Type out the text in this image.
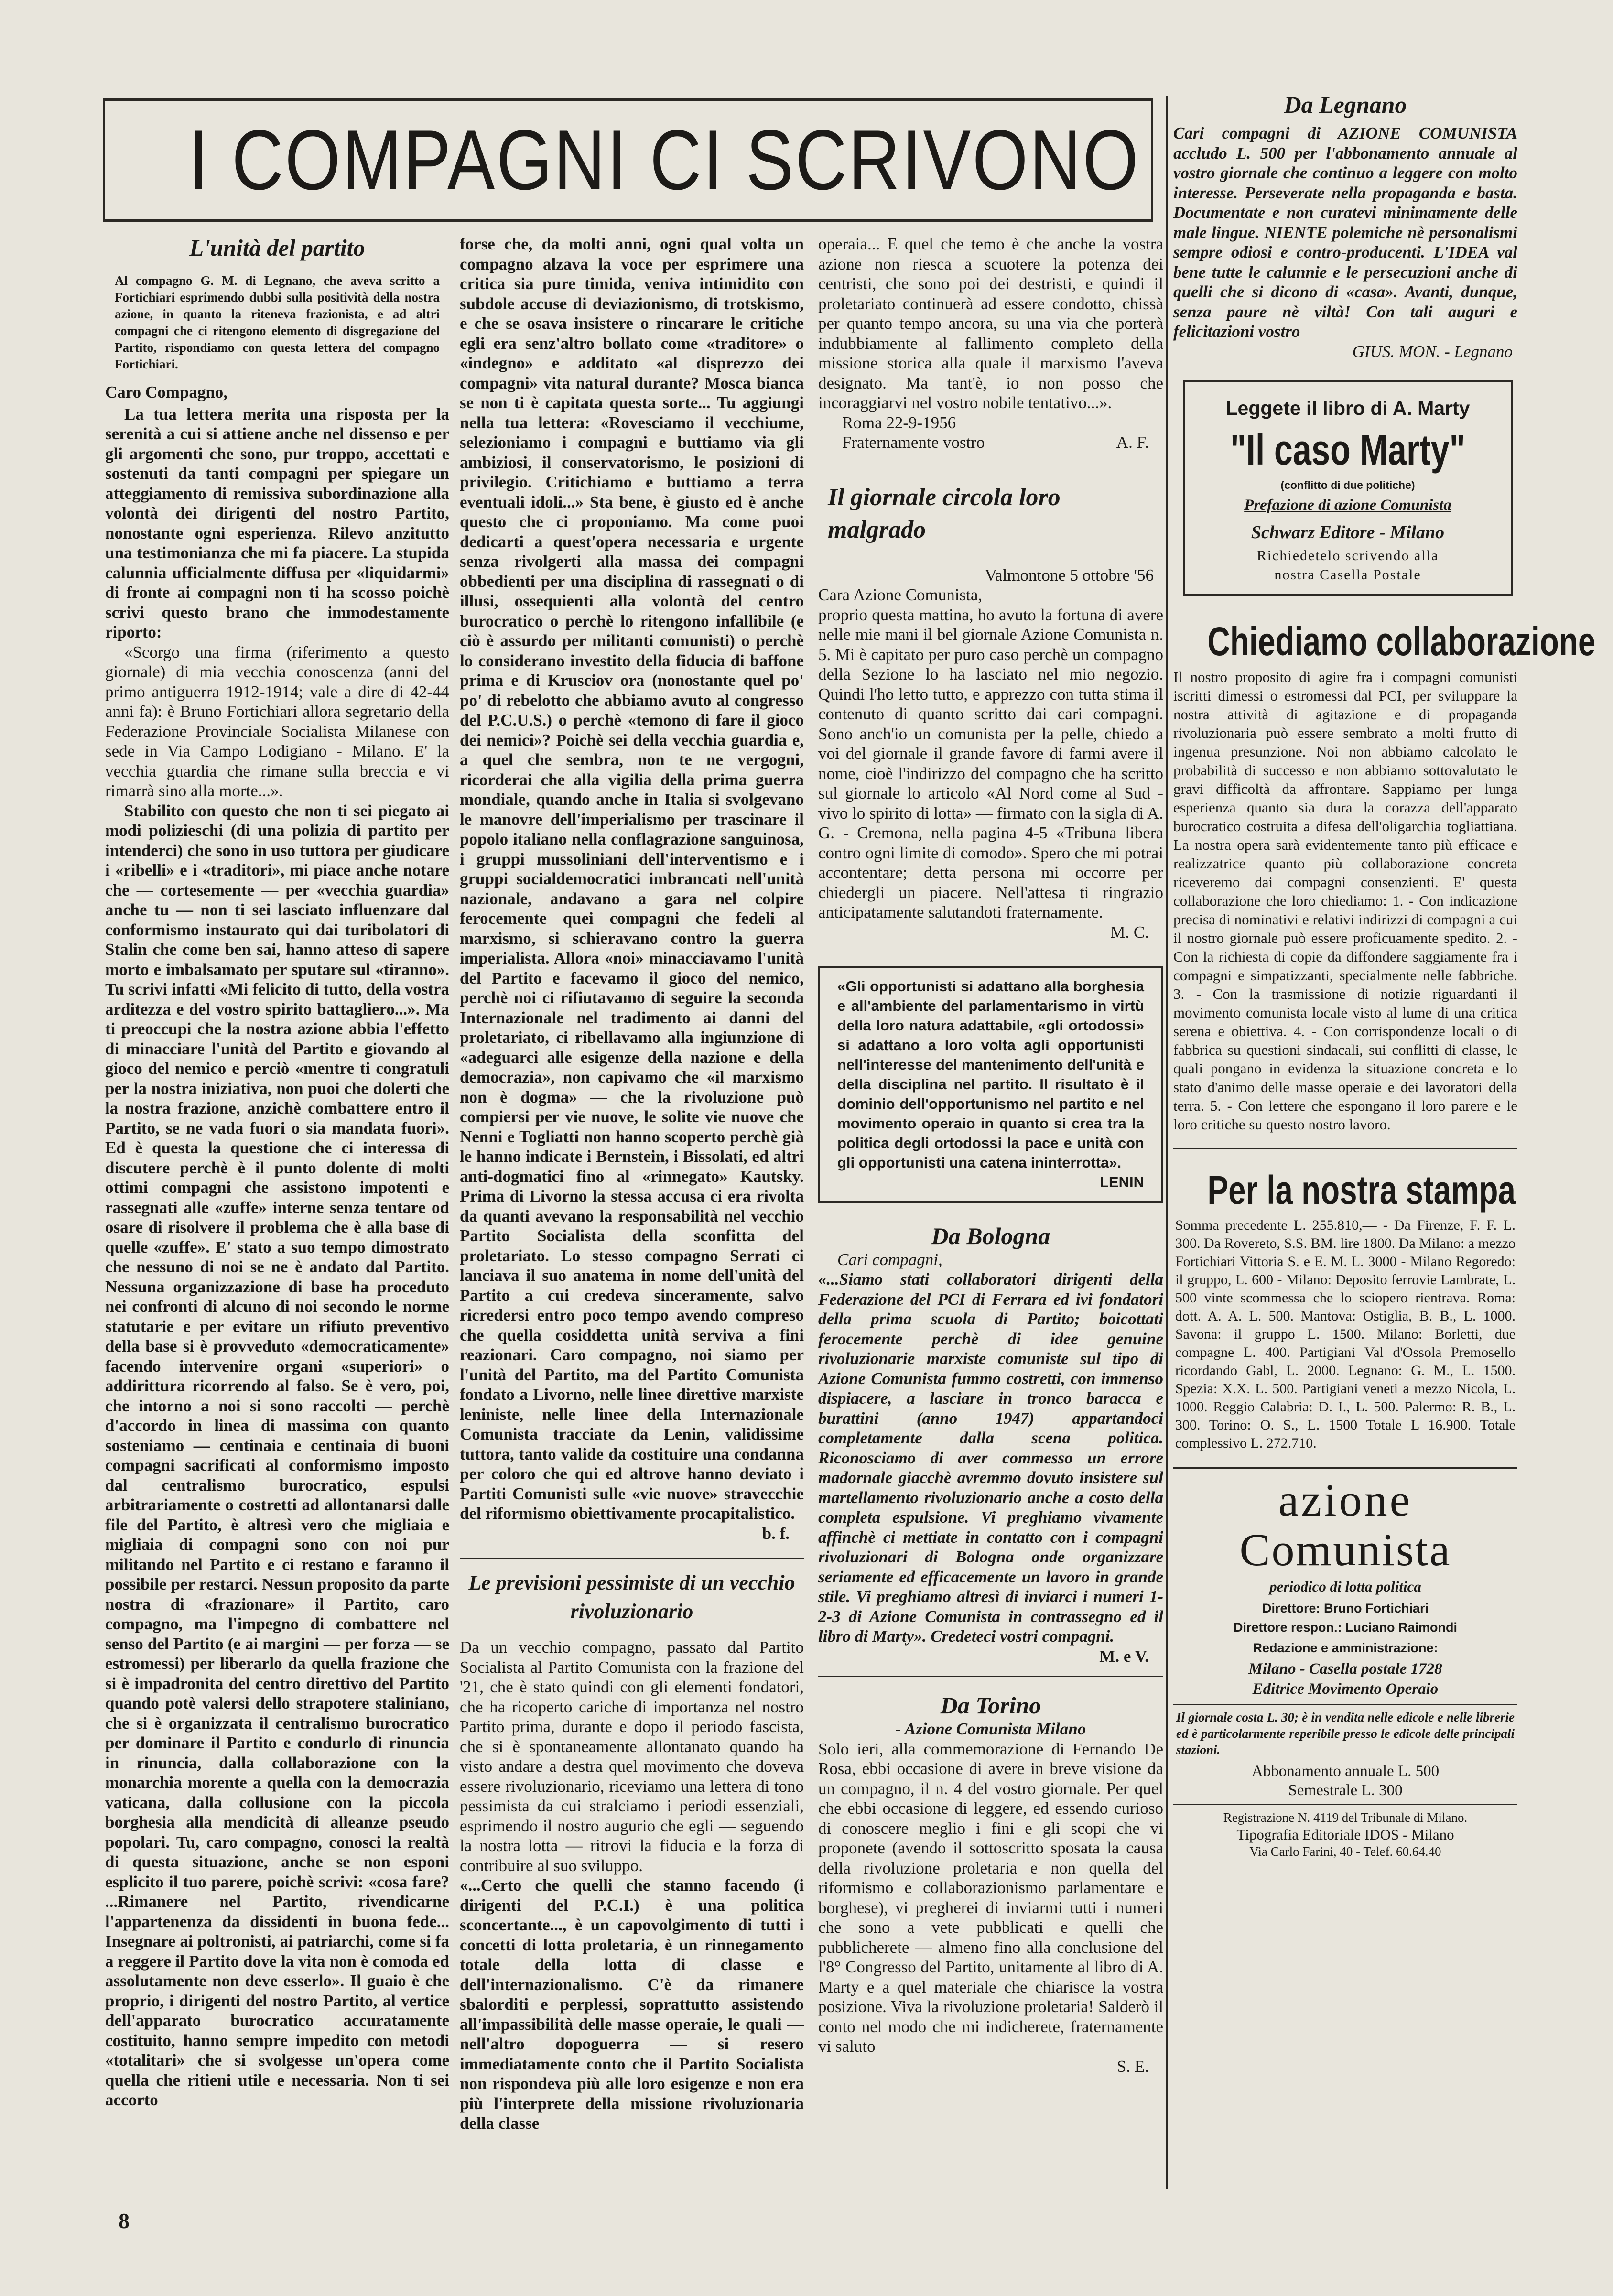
I COMPAGNI CI SCRIVONO
L'unità del partito
Al compagno G. M. di Legnano, che aveva scritto a Fortichiari esprimendo dubbi sulla positività della nostra azione, in quanto la riteneva frazionista, e ad altri compagni che ci ritengono elemento di disgregazione del Partito, rispondiamo con questa lettera del compagno Fortichiari.
Caro Compagno,

La tua lettera merita una risposta per la serenità a cui si attiene anche nel dissenso e per gli argomenti che sono, pur troppo, accettati e sostenuti da tanti compagni per spiegare un atteggiamento di remissiva subordinazione alla volontà dei dirigenti del nostro Partito, nonostante ogni esperienza. Rilevo anzitutto una testimonianza che mi fa piacere. La stupida calunnia ufficialmente diffusa per «liquidarmi» di fronte ai compagni non ti ha scosso poichè scrivi questo brano che immodestamente riporto:

«Scorgo una firma (riferimento a questo giornale) di mia vecchia conoscenza (anni del primo antiguerra 1912-1914; vale a dire di 42-44 anni fa): è Bruno Fortichiari allora segretario della Federazione Provinciale Socialista Milanese con sede in Via Campo Lodigiano - Milano. E' la vecchia guardia che rimane sulla breccia e vi rimarrà sino alla morte...».

Stabilito con questo che non ti sei piegato ai modi polizieschi (di una polizia di partito per intenderci) che sono in uso tuttora per giudicare i «ribelli» e i «traditori», mi piace anche notare che — cortesemente — per «vecchia guardia» anche tu — non ti sei lasciato influenzare dal conformismo instaurato qui dai turibolatori di Stalin che come ben sai, hanno atteso di sapere morto e imbalsamato per sputare sul «tiranno». Tu scrivi infatti «Mi felicito di tutto, della vostra arditezza e del vostro spirito battagliero...». Ma ti preoccupi che la nostra azione abbia l'effetto di minacciare l'unità del Partito e giovando al gioco del nemico e perciò «mentre ti congratuli per la nostra iniziativa, non puoi che dolerti che la nostra frazione, anzichè combattere entro il Partito, se ne vada fuori o sia mandata fuori». Ed è questa la questione che ci interessa di discutere perchè è il punto dolente di molti ottimi compagni che assistono impotenti e rassegnati alle «zuffe» interne senza tentare od osare di risolvere il problema che è alla base di quelle «zuffe». E' stato a suo tempo dimostrato che nessuno di noi se ne è andato dal Partito. Nessuna organizzazione di base ha proceduto nei confronti di alcuno di noi secondo le norme statutarie e per evitare un rifiuto preventivo della base si è provveduto «democraticamente» facendo intervenire organi «superiori» o addirittura ricorrendo al falso. Se è vero, poi, che intorno a noi si sono raccolti — perchè d'accordo in linea di massima con quanto sosteniamo — centinaia e centinaia di buoni compagni sacrificati al conformismo imposto dal centralismo burocratico, espulsi arbitrariamente o costretti ad allontanarsi dalle file del Partito, è altresì vero che migliaia e migliaia di compagni sono con noi pur militando nel Partito e ci restano e faranno il possibile per restarci. Nessun proposito da parte nostra di «frazionare» il Partito, caro compagno, ma l'impegno di combattere nel senso del Partito (e ai margini — per forza — se estromessi) per liberarlo da quella frazione che si è impadronita del centro direttivo del Partito quando potè valersi dello strapotere staliniano, che si è organizzata il centralismo burocratico per dominare il Partito e condurlo di rinuncia in rinuncia, dalla collaborazione con la monarchia morente a quella con la democrazia vaticana, dalla collusione con la piccola borghesia alla mendicità di alleanze pseudo popolari. Tu, caro compagno, conosci la realtà di questa situazione, anche se non esponi esplicito il tuo parere, poichè scrivi: «cosa fare? ...Rimanere nel Partito, rivendicarne l'appartenenza da dissidenti in buona fede... Insegnare ai poltronisti, ai patriarchi, come si fa a reggere il Partito dove la vita non è comoda ed assolutamente non deve esserlo». Il guaio è che proprio, i dirigenti del nostro Partito, al vertice dell'apparato burocratico accuratamente costituito, hanno sempre impedito con metodi «totalitari» che si svolgesse un'opera come quella che ritieni utile e necessaria. Non ti sei accorto

forse che, da molti anni, ogni qual volta un compagno alzava la voce per esprimere una critica sia pure timida, veniva intimidito con subdole accuse di deviazionismo, di trotskismo, e che se osava insistere o rincarare le critiche egli era senz'altro bollato come «traditore» o «indegno» e additato «al disprezzo dei compagni» vita natural durante? Mosca bianca se non ti è capitata questa sorte... Tu aggiungi nella tua lettera: «Rovesciamo il vecchiume, selezioniamo i compagni e buttiamo via gli ambiziosi, il conservatorismo, le posizioni di privilegio. Critichiamo e buttiamo a terra eventuali idoli...» Sta bene, è giusto ed è anche questo che ci proponiamo. Ma come puoi dedicarti a quest'opera necessaria e urgente senza rivolgerti alla massa dei compagni obbedienti per una disciplina di rassegnati o di illusi, ossequienti alla volontà del centro burocratico o perchè lo ritengono infallibile (e ciò è assurdo per militanti comunisti) o perchè lo considerano investito della fiducia di baffone prima e di Kruscіov ora (nonostante quel po' po' di rebelotto che abbiamo avuto al congresso del P.C.U.S.) o perchè «temono di fare il gioco dei nemici»? Poichè sei della vecchia guardia e, a quel che sembra, non te ne vergogni, ricorderai che alla vigilia della prima guerra mondiale, quando anche in Italia si svolgevano le manovre dell'imperialismo per trascinare il popolo italiano nella conflagrazione sanguinosa, i gruppi mussoliniani dell'interventismo e i gruppi socialdemocratici imbrancati nell'unità nazionale, andavano a gara nel colpire ferocemente quei compagni che fedeli al marxismo, si schieravano contro la guerra imperialista. Allora «noi» minacciavamo l'unità del Partito e facevamo il gioco del nemico, perchè noi ci rifiutavamo di seguire la seconda Internazionale nel tradimento ai danni del proletariato, ci ribellavamo alla ingiunzione di «adeguarci alle esigenze della nazione e della democrazia», non capivamo che «il marxismo non è dogma» — che la rivoluzione può compiersi per vie nuove, le solite vie nuove che Nenni e Togliatti non hanno scoperto perchè già le hanno indicate i Bernstein, i Bissolati, ed altri anti-dogmatici fino al «rinnegato» Kautsky. Prima di Livorno la stessa accusa ci era rivolta da quanti avevano la responsabilità nel vecchio Partito Socialista della sconfitta del proletariato. Lo stesso compagno Serrati ci lanciava il suo anatema in nome dell'unità del Partito a cui credeva sinceramente, salvo ricredersi entro poco tempo avendo compreso che quella cosiddetta unità serviva a fini reazionari. Caro compagno, noi siamo per l'unità del Partito, ma del Partito Comunista fondato a Livorno, nelle linee direttive marxiste leniniste, nelle linee della Internazionale Comunista tracciate da Lenin, validissime tuttora, tanto valide da costituire una condanna per coloro che qui ed altrove hanno deviato i Partiti Comunisti sulle «vie nuove» stravecchie del riformismo obiettivamente procapitalistico.

b. f.
Le previsioni pessimiste di un vecchio rivoluzionario

Da un vecchio compagno, passato dal Partito Socialista al Partito Comunista con la frazione del '21, che è stato quindi con gli elementi fondatori, che ha ricoperto cariche di importanza nel nostro Partito prima, durante e dopo il periodo fascista, che si è spontaneamente allontanato quando ha visto andare a destra quel movimento che doveva essere rivoluzionario, riceviamo una lettera di tono pessimista da cui stralciamo i periodi essenziali, esprimendo il nostro augurio che egli — seguendo la nostra lotta — ritrovi la fiducia e la forza di contribuire al suo sviluppo.

«...Certo che quelli che stanno facendo (i dirigenti del P.C.I.) è una politica sconcertante..., è un capovolgimento di tutti i concetti di lotta proletaria, è un rinnegamento totale della lotta di classe e dell'internazionalismo. C'è da rimanere sbalorditi e perplessi, soprattutto assistendo all'impassibilità delle masse operaie, le quali — nell'altro dopoguerra — si resero immediatamente conto che il Partito Socialista non rispondeva più alle loro esigenze e non era più l'interprete della missione rivoluzionaria della classe

operaia... E quel che temo è che anche la vostra azione non riesca a scuotere la potenza dei centristi, che sono poi dei destristi, e quindi il proletariato continuerà ad essere condotto, chissà per quanto tempo ancora, su una via che porterà indubbiamente al fallimento completo della missione storica alla quale il marxismo l'aveva designato. Ma tant'è, io non posso che incoraggiarvi nel vostro nobile tentativo...».

Roma 22-9-1956
Fraternamente vostro	A. F.
Il giornale circola loro malgrado
Valmontone 5 ottobre '56
Cara Azione Comunista,

proprio questa mattina, ho avuto la fortuna di avere nelle mie mani il bel giornale Azione Comunista n. 5. Mi è capitato per puro caso perchè un compagno della Sezione lo ha lasciato nel mio negozio. Quindi l'ho letto tutto, e apprezzo con tutta stima il contenuto di quanto scritto dai cari compagni. Sono anch'io un comunista per la pelle, chiedo a voi del giornale il grande favore di farmi avere il nome, cioè l'indirizzo del compagno che ha scritto sul giornale lo articolo «Al Nord come al Sud - vivo lo spirito di lotta» — firmato con la sigla di A. G. - Cremona, nella pagina 4-5 «Tribuna libera contro ogni limite di comodo». Spero che mi potrai accontentare; detta persona mi occorre per chiedergli un piacere. Nell'attesa ti ringrazio anticipatamente salutandoti fraternamente.

M. C.
«Gli opportunisti si adattano alla borghesia e all'ambiente del parlamentarismo in virtù della loro natura adattabile, «gli ortodossi» si adattano a loro volta agli opportunisti nell'interesse del mantenimento dell'unità e della disciplina nel partito. Il risultato è il dominio dell'opportunismo nel partito e nel movimento operaio in quanto si crea tra la politica degli ortodossi la pace e unità con gli opportunisti una catena ininterrotta».
LENIN
Da Bologna
Cari compagni,

«...Siamo stati collaboratori dirigenti della Federazione del PCI di Ferrara ed ivi fondatori della prima scuola di Partito; boicottati ferocemente perchè di idee genuine rivoluzionarie marxiste comuniste sul tipo di Azione Comunista fummo costretti, con immenso dispiacere, a lasciare in tronco baracca e burattini (anno 1947) appartandoci completamente dalla scena politica. Riconosciamo di aver commesso un errore madornale giacchè avremmo dovuto insistere sul martellamento rivoluzionario anche a costo della completa espulsione. Vi preghiamo vivamente affinchè ci mettiate in contatto con i compagni rivoluzionari di Bologna onde organizzare seriamente ed efficacemente un lavoro in grande stile. Vi preghiamo altresì di inviarci i numeri 1-2-3 di Azione Comunista in contrassegno ed il libro di Marty». Credeteci vostri compagni.

M. e V.
Da Torino
- Azione Comunista Milano

Solo ieri, alla commemorazione di Fernando De Rosa, ebbi occasione di avere in breve visione da un compagno, il n. 4 del vostro giornale. Per quel che ebbi occasione di leggere, ed essendo curioso di conoscere meglio i fini e gli scopi che vi proponete (avendo il sottoscritto sposata la causa della rivoluzione proletaria e non quella del riformismo e collaborazionismo parlamentare e borghese), vi pregherei di inviarmi tutti i numeri che sono a vete pubblicati e quelli che pubblicherete — almeno fino alla conclusione del l'8° Congresso del Partito, unitamente al libro di A. Marty e a quel materiale che chiarisce la vostra posizione. Viva la rivoluzione proletaria! Salderò il conto nel modo che mi indicherete, fraternamente vi saluto

S. E.
Da Legnano

Cari compagni di AZIONE COMUNISTA accludo L. 500 per l'abbonamento annuale al vostro giornale che continuo a leggere con molto interesse. Perseverate nella propaganda e basta. Documentate e non curatevi minimamente delle male lingue. NIENTE polemiche nè personalismi sempre odiosi e contro-producenti. L'IDEA val bene tutte le calunnie e le persecuzioni anche di quelli che si dicono di «casa». Avanti, dunque, senza paure nè viltà! Con tali auguri e felicitazioni vostro

GIUS. MON. - Legnano
Leggete il libro di A. Marty
"Il caso Marty"
(conflitto di due politiche)
Prefazione di azione Comunista
Schwarz Editore - Milano
Richiedetelo scrivendo alla
nostra Casella Postale
Chiediamo collaborazione

Il nostro proposito di agire fra i compagni comunisti iscritti dimessi o estromessi dal PCI, per sviluppare la nostra attività di agitazione e di propaganda rivoluzionaria può essere sembrato a molti frutto di ingenua presunzione. Noi non abbiamo calcolato le probabilità di successo e non abbiamo sottovalutato le gravi difficoltà da affrontare. Sappiamo per lunga esperienza quanto sia dura la corazza dell'apparato burocratico costruita a difesa dell'oligarchia togliattiana. La nostra opera sarà evidentemente tanto più efficace e realizzatrice quanto più collaborazione concreta riceveremo dai compagni consenzienti. E' questa collaborazione che loro chiediamo: 1. - Con indicazione precisa di nominativi e relativi indirizzi di compagni a cui il nostro giornale può essere proficuamente spedito. 2. - Con la richiesta di copie da diffondere saggiamente fra i compagni e simpatizzanti, specialmente nelle fabbriche. 3. - Con la trasmissione di notizie riguardanti il movimento comunista locale visto al lume di una critica serena e obiettiva. 4. - Con corrispondenze locali o di fabbrica su questioni sindacali, sui conflitti di classe, le quali pongano in evidenza la situazione concreta e lo stato d'animo delle masse operaie e dei lavoratori della terra. 5. - Con lettere che espongano il loro parere e le loro critiche su questo nostro lavoro.

Per la nostra stampa

Somma precedente L. 255.810,— - Da Firenze, F. F. L. 300. Da Rovereto, S.S. BM. lire 1800. Da Milano: a mezzo Fortichiari Vittoria S. e E. M. L. 3000 - Milano Regoredo: il gruppo, L. 600 - Milano: Deposito ferrovie Lambrate, L. 500 vinte scommessa che lo sciopero rientrava. Roma: dott. A. A. L. 500. Mantova: Ostiglia, B. B., L. 1000. Savona: il gruppo L. 1500. Milano: Borletti, due compagne L. 400. Partigiani Val d'Ossola Premosello ricordando Gabl, L. 2000. Legnano: G. M., L. 1500. Spezia: X.X. L. 500. Partigiani veneti a mezzo Nicola, L. 1000. Reggio Calabria: D. I., L. 500. Palermo: R. B., L. 300. Torino: O. S., L. 1500 Totale L 16.900. Totale complessivo L. 272.710.

azione
Comunista
periodico di lotta politica
Direttore: Bruno Fortichiari
Direttore respon.: Luciano Raimondi
Redazione e amministrazione:
Milano - Casella postale 1728
Editrice Movimento Operaio
Il giornale costa L. 30; è in vendita nelle edicole e nelle librerie ed è particolarmente reperibile presso le edicole delle principali stazioni.
Abbonamento annuale L. 500
Semestrale L. 300
Registrazione N. 4119 del Tribunale di Milano.
Tipografia Editoriale IDOS - Milano
Via Carlo Farini, 40 - Telef. 60.64.40
8
